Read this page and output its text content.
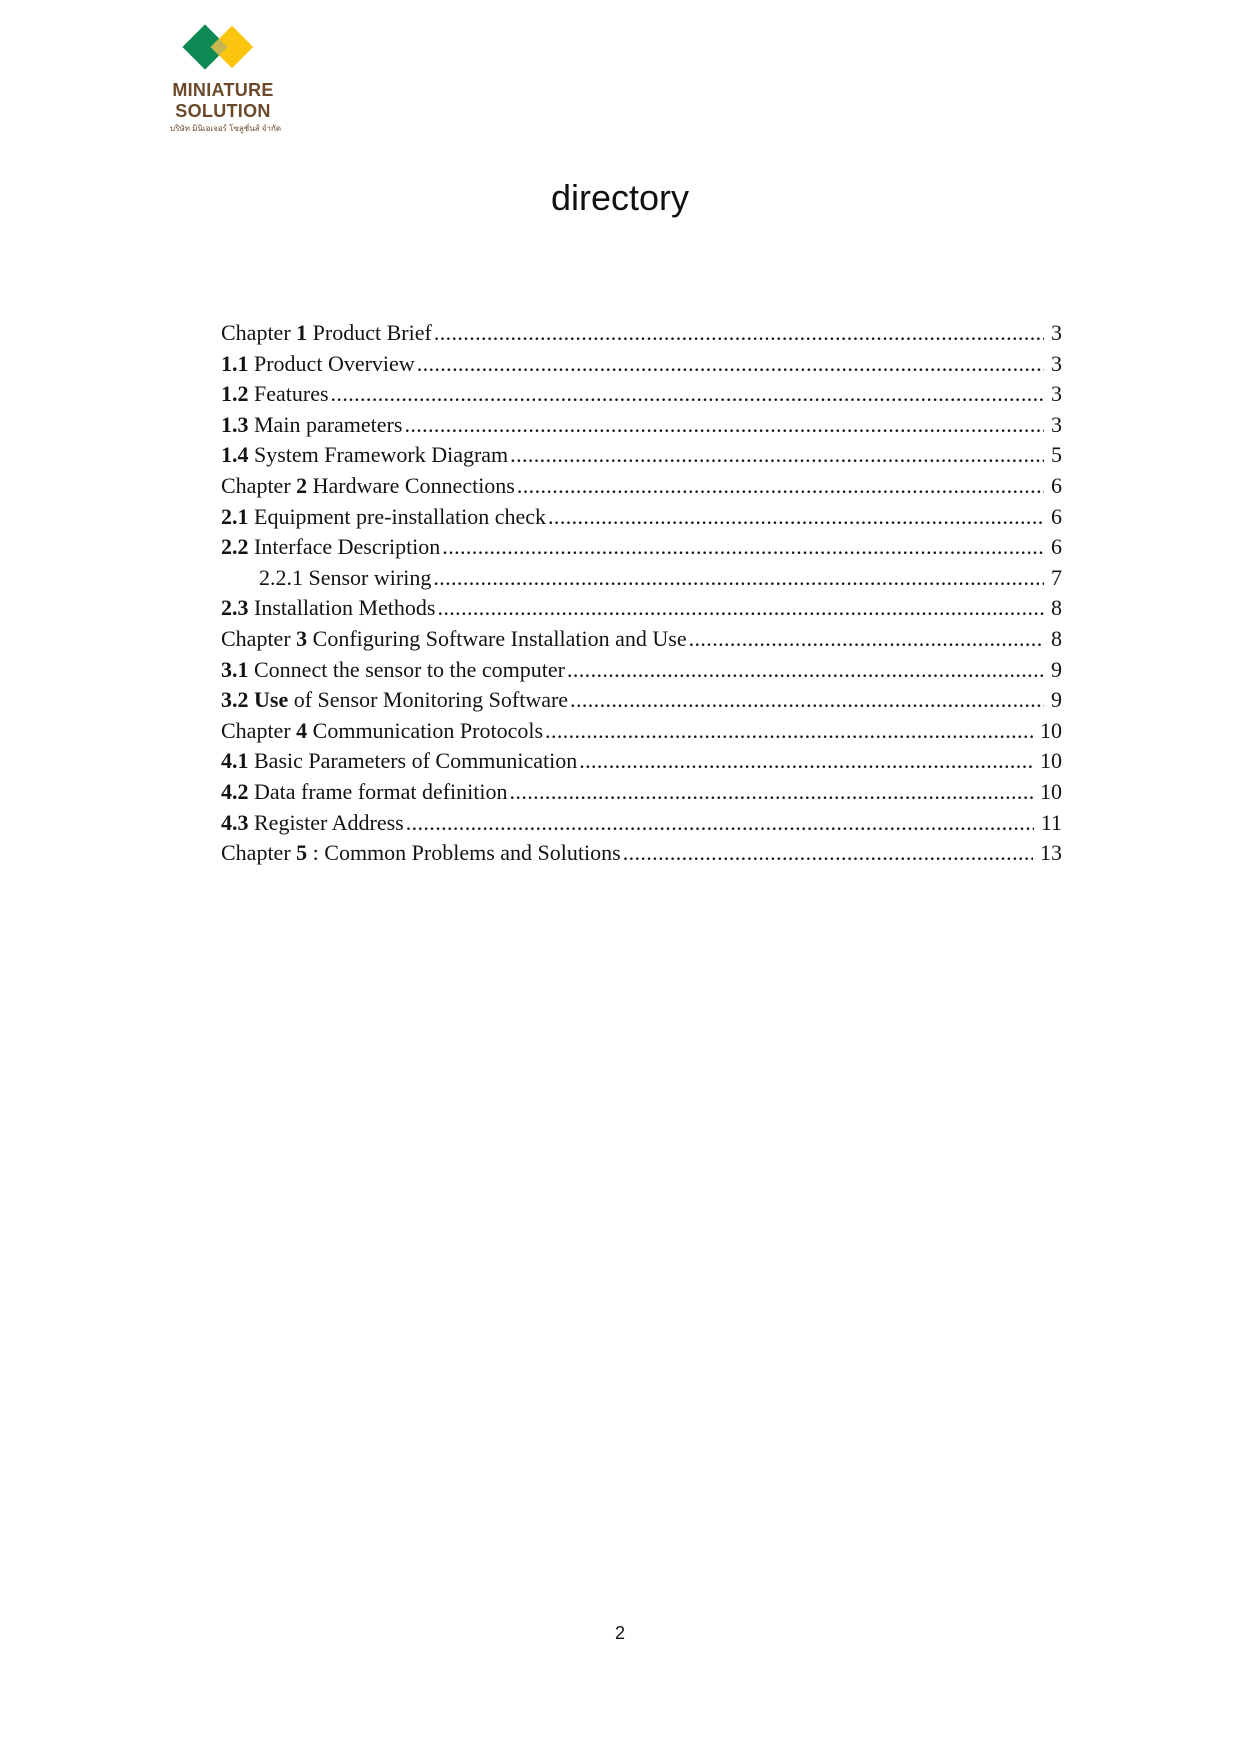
MINIATURE
SOLUTION
บริษัท มินิเอเจอร์ โซลูชั่นส์ จำกัด
directory
Chapter 1 Product Brief .....	3
1.1 Product Overview .....	3
1.2 Features .....	3
1.3 Main parameters .....	3
1.4 System Framework Diagram .....	5
Chapter 2 Hardware Connections .....	6
2.1 Equipment pre-installation check .....	6
2.2 Interface Description .....	6
2.2.1 Sensor wiring .....	7
2.3 Installation Methods .....	8
Chapter 3 Configuring Software Installation and Use .....	8
3.1 Connect the sensor to the computer .....	9
3.2 Use of Sensor Monitoring Software .....	9
Chapter 4 Communication Protocols .....	10
4.1 Basic Parameters of Communication .....	10
4.2 Data frame format definition .....	10
4.3 Register Address .....	11
Chapter 5 : Common Problems and Solutions .....	13
2
